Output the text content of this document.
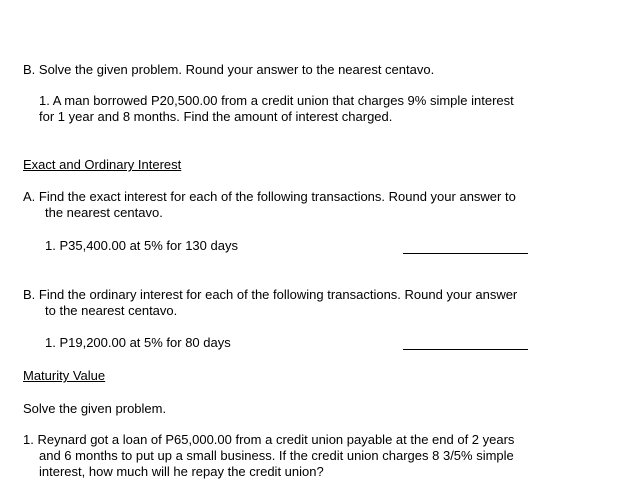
B. Solve the given problem. Round your answer to the nearest centavo.
1. A man borrowed P20,500.00 from a credit union that charges 9% simple interest
for 1 year and 8 months. Find the amount of interest charged.
Exact and Ordinary Interest
A. Find the exact interest for each of the following transactions. Round your answer to
the nearest centavo.
1. P35,400.00 at 5% for 130 days
B. Find the ordinary interest for each of the following transactions. Round your answer
to the nearest centavo.
1. P19,200.00 at 5% for 80 days
Maturity Value
Solve the given problem.
1. Reynard got a loan of P65,000.00 from a credit union payable at the end of 2 years
and 6 months to put up a small business. If the credit union charges 8 3/5% simple
interest, how much will he repay the credit union?
